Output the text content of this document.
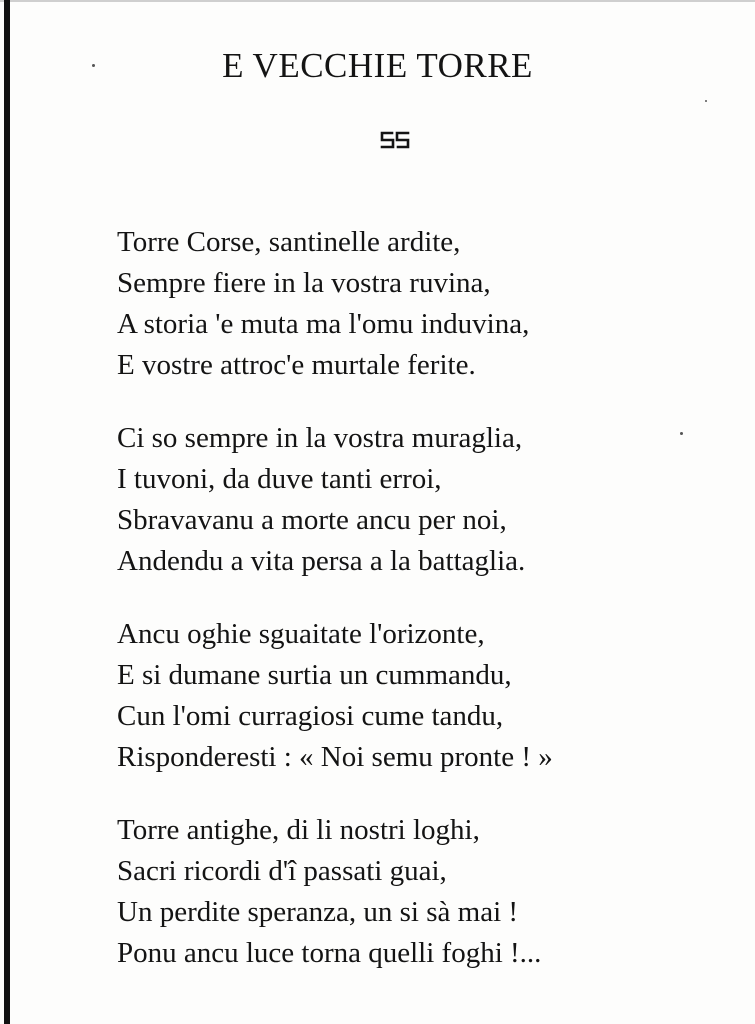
E VECCHIE TORRE
Torre Corse, santinelle ardite,
Sempre fiere in la vostra ruvina,
A storia 'e muta ma l'omu induvina,
E vostre attroc'e murtale ferite.
Ci so sempre in la vostra muraglia,
I tuvoni, da duve tanti erroi,
Sbravavanu a morte ancu per noi,
Andendu a vita persa a la battaglia.
Ancu oghie sguaitate l'orizonte,
E si dumane surtia un cummandu,
Cun l'omi curragiosi cume tandu,
Risponderesti : « Noi semu pronte ! »
Torre antighe, di li nostri loghi,
Sacri ricordi d'î passati guai,
Un perdite speranza, un si sà mai !
Ponu ancu luce torna quelli foghi !...
